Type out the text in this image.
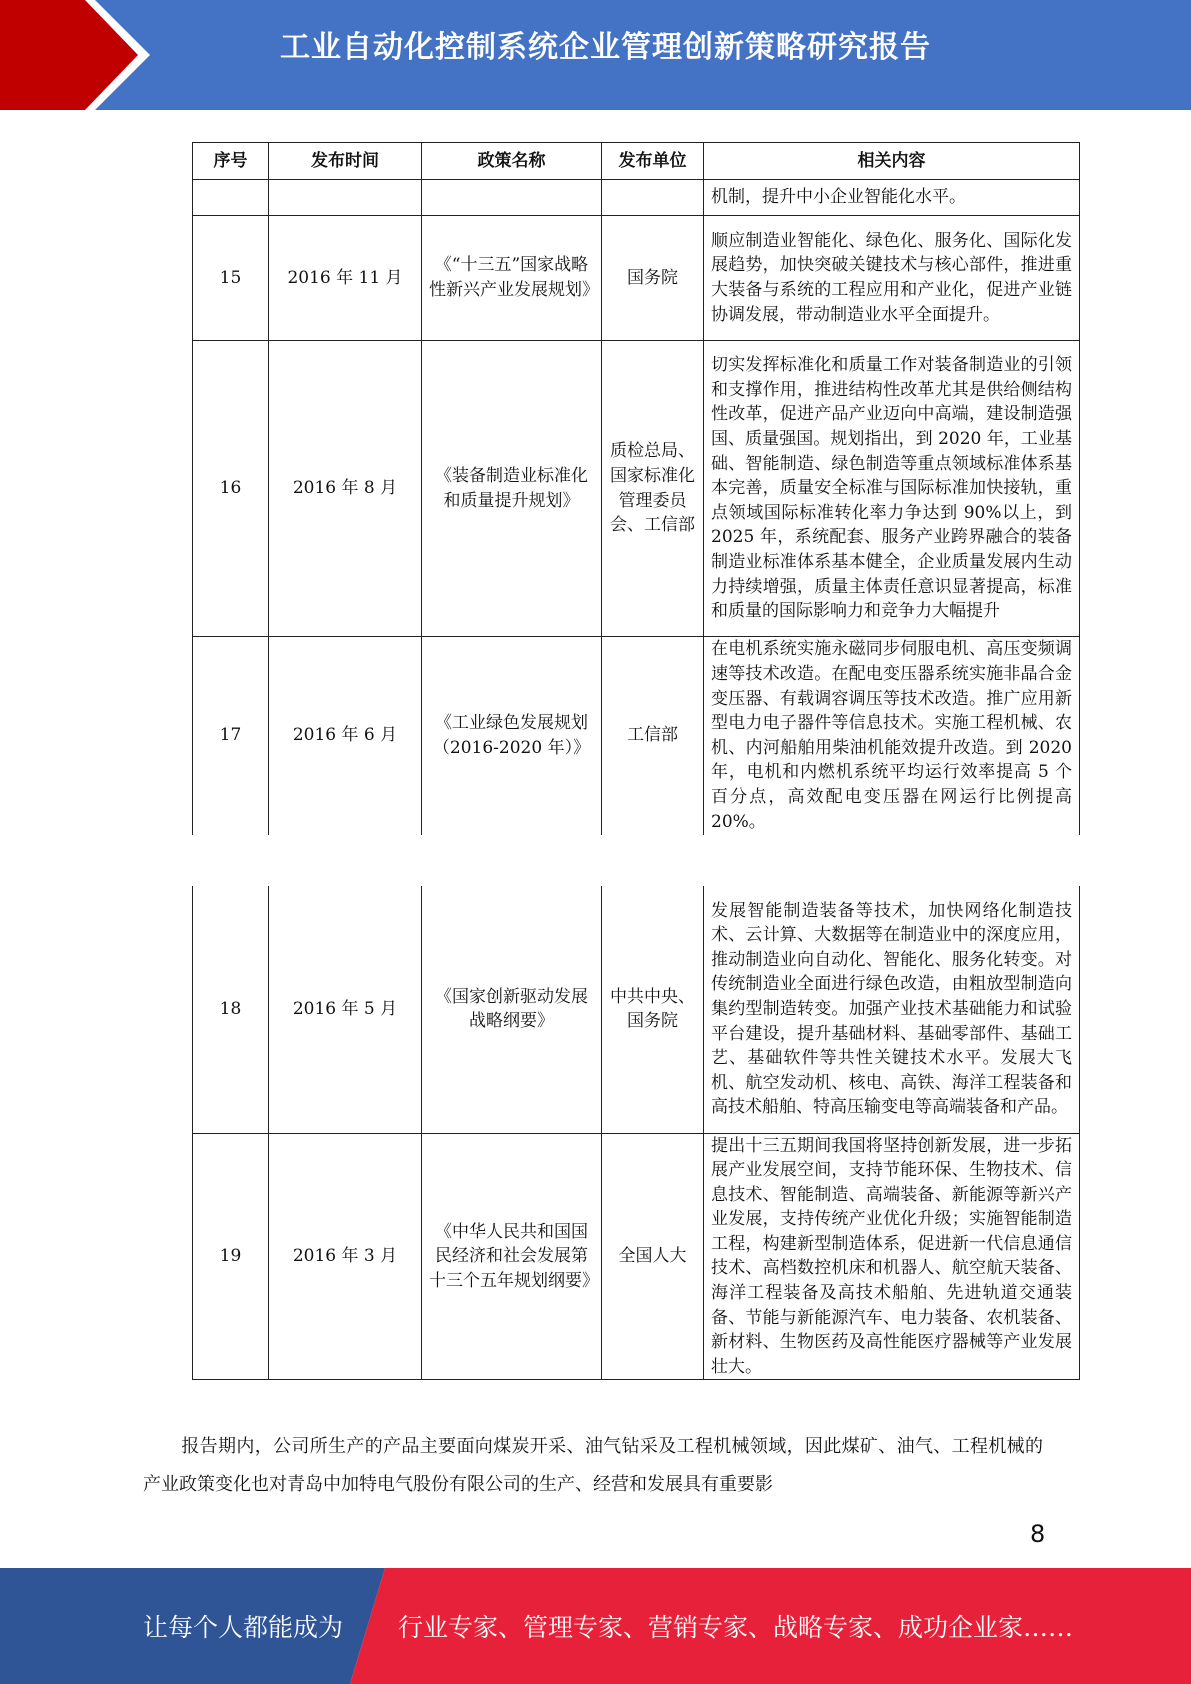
工业自动化控制系统企业管理创新策略研究报告
序号	发布时间	政策名称	发布单位	相关内容
				机制，提升中小企业智能化水平。
15	2016 年 11 月	《“十三五”国家战略性新兴产业发展规划》	国务院	顺应制造业智能化、绿色化、服务化、国际化发展趋势，加快突破关键技术与核心部件，推进重大装备与系统的工程应用和产业化，促进产业链协调发展，带动制造业水平全面提升。
16	2016 年 8 月	《装备制造业标准化和质量提升规划》	质检总局、国家标准化管理委员会、工信部	切实发挥标准化和质量工作对装备制造业的引领和支撑作用，推进结构性改革尤其是供给侧结构性改革，促进产品产业迈向中高端，建设制造强国、质量强国。规划指出，到 2020 年，工业基础、智能制造、绿色制造等重点领域标准体系基本完善，质量安全标准与国际标准加快接轨，重点领域国际标准转化率力争达到 90%以上，到 2025 年，系统配套、服务产业跨界融合的装备制造业标准体系基本健全，企业质量发展内生动力持续增强，质量主体责任意识显著提高，标准和质量的国际影响力和竞争力大幅提升
17	2016 年 6 月	《工业绿色发展规划（2016-2020 年）》	工信部	在电机系统实施永磁同步伺服电机、高压变频调速等技术改造。在配电变压器系统实施非晶合金变压器、有载调容调压等技术改造。推广应用新型电力电子器件等信息技术。实施工程机械、农机、内河船舶用柴油机能效提升改造。到 2020 年，电机和内燃机系统平均运行效率提高 5 个百分点，高效配电变压器在网运行比例提高 20%。
18	2016 年 5 月	《国家创新驱动发展战略纲要》	中共中央、国务院	发展智能制造装备等技术，加快网络化制造技术、云计算、大数据等在制造业中的深度应用，推动制造业向自动化、智能化、服务化转变。对传统制造业全面进行绿色改造，由粗放型制造向集约型制造转变。加强产业技术基础能力和试验平台建设，提升基础材料、基础零部件、基础工艺、基础软件等共性关键技术水平。发展大飞机、航空发动机、核电、高铁、海洋工程装备和高技术船舶、特高压输变电等高端装备和产品。
19	2016 年 3 月	《中华人民共和国国民经济和社会发展第十三个五年规划纲要》	全国人大	提出十三五期间我国将坚持创新发展，进一步拓展产业发展空间，支持节能环保、生物技术、信息技术、智能制造、高端装备、新能源等新兴产业发展，支持传统产业优化升级；实施智能制造工程，构建新型制造体系，促进新一代信息通信技术、高档数控机床和机器人、航空航天装备、海洋工程装备及高技术船舶、先进轨道交通装备、节能与新能源汽车、电力装备、农机装备、新材料、生物医药及高性能医疗器械等产业发展壮大。
报告期内，公司所生产的产品主要面向煤炭开采、油气钻采及工程机械领域，因此煤矿、油气、工程机械的产业政策变化也对青岛中加特电气股份有限公司的生产、经营和发展具有重要影
8
让每个人都能成为 行业专家、管理专家、营销专家、战略专家、成功企业家……
